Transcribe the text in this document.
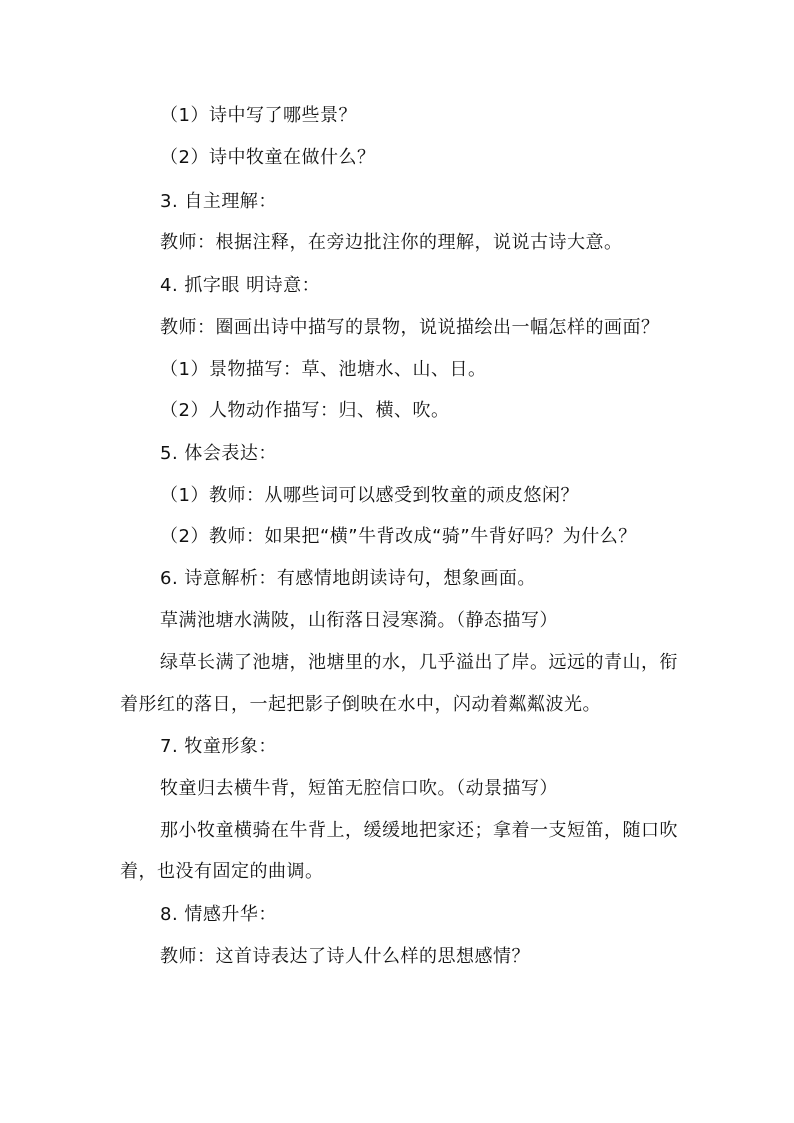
（1）诗中写了哪些景？
（2）诗中牧童在做什么？
3. 自主理解：
教师：根据注释，在旁边批注你的理解，说说古诗大意。
4. 抓字眼 明诗意：
教师：圈画出诗中描写的景物，说说描绘出一幅怎样的画面？
（1）景物描写：草、池塘水、山、日。
（2）人物动作描写：归、横、吹。
5. 体会表达：
（1）教师：从哪些词可以感受到牧童的顽皮悠闲？
（2）教师：如果把“横”牛背改成“骑”牛背好吗？为什么？
6. 诗意解析：有感情地朗读诗句，想象画面。
草满池塘水满陂，山衔落日浸寒漪。（静态描写）
绿草长满了池塘，池塘里的水，几乎溢出了岸。远远的青山，衔
着彤红的落日，一起把影子倒映在水中，闪动着粼粼波光。
7. 牧童形象：
牧童归去横牛背，短笛无腔信口吹。（动景描写）
那小牧童横骑在牛背上，缓缓地把家还；拿着一支短笛，随口吹
着，也没有固定的曲调。
8. 情感升华：
教师：这首诗表达了诗人什么样的思想感情？
